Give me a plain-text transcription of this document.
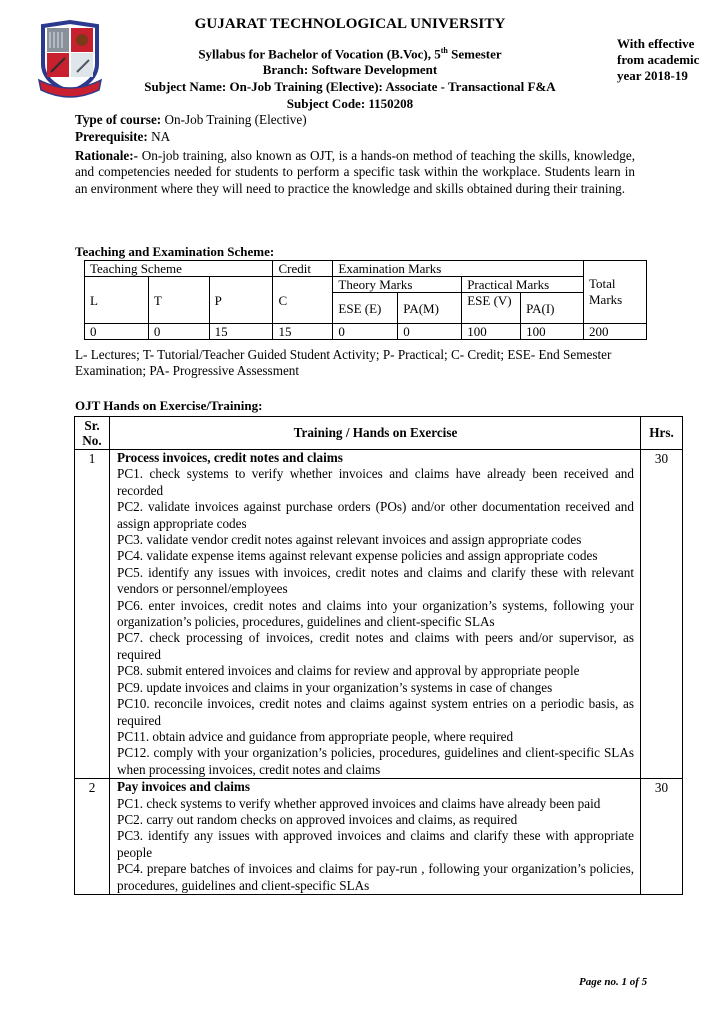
GUJARAT TECHNOLOGICAL UNIVERSITY
Syllabus for Bachelor of Vocation (B.Voc), 5th Semester
Branch: Software Development
Subject Name: On-Job Training (Elective): Associate - Transactional F&A
Subject Code: 1150208
With effective
from academic
year 2018-19
Type of course: On-Job Training (Elective)
Prerequisite: NA
Rationale:- On-job training, also known as OJT, is a hands-on method of teaching the skills, knowledge, and competencies needed for students to perform a specific task within the workplace. Students learn in an environment where they will need to practice the knowledge and skills obtained during their training.
Teaching and Examination Scheme:
Teaching Scheme			Credit	Examination Marks				Total Marks
L	T	P	C	Theory Marks		Practical Marks		
				ESE (E)	PA(M)	ESE (V)	PA(I)	
0	0	15	15	0	0	100	100	200
L- Lectures; T- Tutorial/Teacher Guided Student Activity; P- Practical; C- Credit; ESE- End Semester Examination; PA- Progressive Assessment
OJT Hands on Exercise/Training:
Sr. No.	Training / Hands on Exercise	Hrs.
1	Process invoices, credit notes and claims
PC1. check systems to verify whether invoices and claims have already been received and recorded
PC2. validate invoices against purchase orders (POs) and/or other documentation received and assign appropriate codes
PC3. validate vendor credit notes against relevant invoices and assign appropriate codes
PC4. validate expense items against relevant expense policies and assign appropriate codes
PC5. identify any issues with invoices, credit notes and claims and clarify these with relevant vendors or personnel/employees
PC6. enter invoices, credit notes and claims into your organization’s systems, following your organization’s policies, procedures, guidelines and client-specific SLAs
PC7. check processing of invoices, credit notes and claims with peers and/or supervisor, as required
PC8. submit entered invoices and claims for review and approval by appropriate people
PC9. update invoices and claims in your organization’s systems in case of changes
PC10. reconcile invoices, credit notes and claims against system entries on a periodic basis, as required
PC11. obtain advice and guidance from appropriate people, where required
PC12. comply with your organization’s policies, procedures, guidelines and client-specific SLAs when processing invoices, credit notes and claims
	30
2	Pay invoices and claims
PC1. check systems to verify whether approved invoices and claims have already been paid
PC2. carry out random checks on approved invoices and claims, as required
PC3. identify any issues with approved invoices and claims and clarify these with appropriate people
PC4. prepare batches of invoices and claims for pay-run , following your organization’s policies, procedures, guidelines and client-specific SLAs	30
Page no. 1 of 5
